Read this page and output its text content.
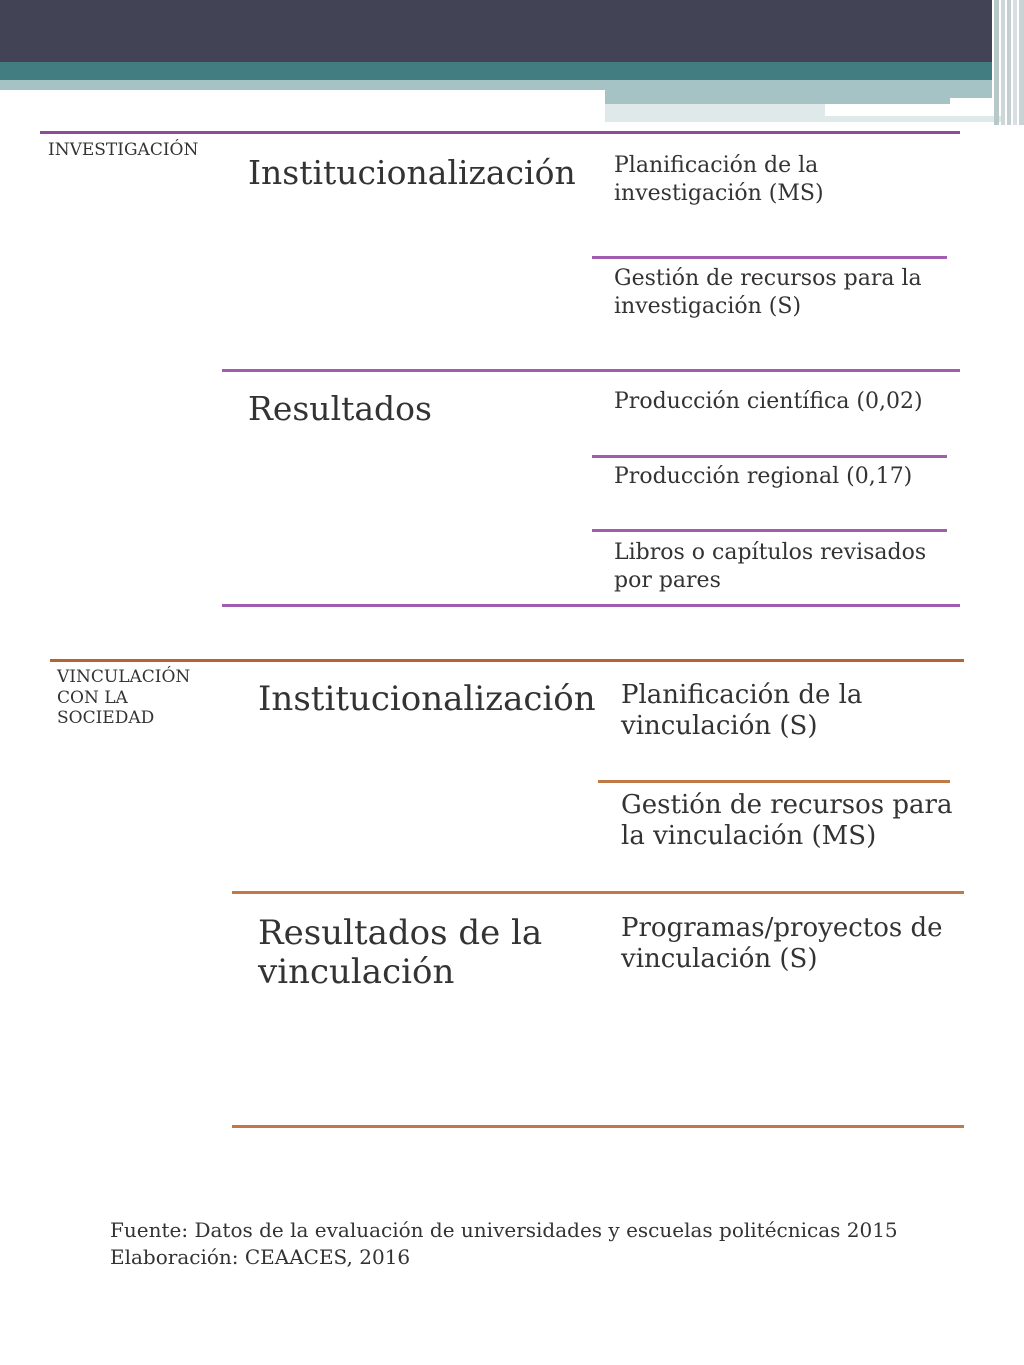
INVESTIGACIÓN
Institucionalización Planificación de la
investigación (MS)
Gestión de recursos para la
investigación (S)
Resultados	Producción científica (0,02)
Producción regional (0,17)
Libros o capítulos revisados
por pares
VINCULACIÓN
CON LA
SOCIEDAD	Institucionalización Planificación de la
vinculación (S)
Gestión de recursos para
la vinculación (MS)
Resultados de la
vinculación
Programas/proyectos de
vinculación (S)
Fuente: Datos de la evaluación de universidades y escuelas politécnicas 2015
Elaboración: CEAACES, 2016
